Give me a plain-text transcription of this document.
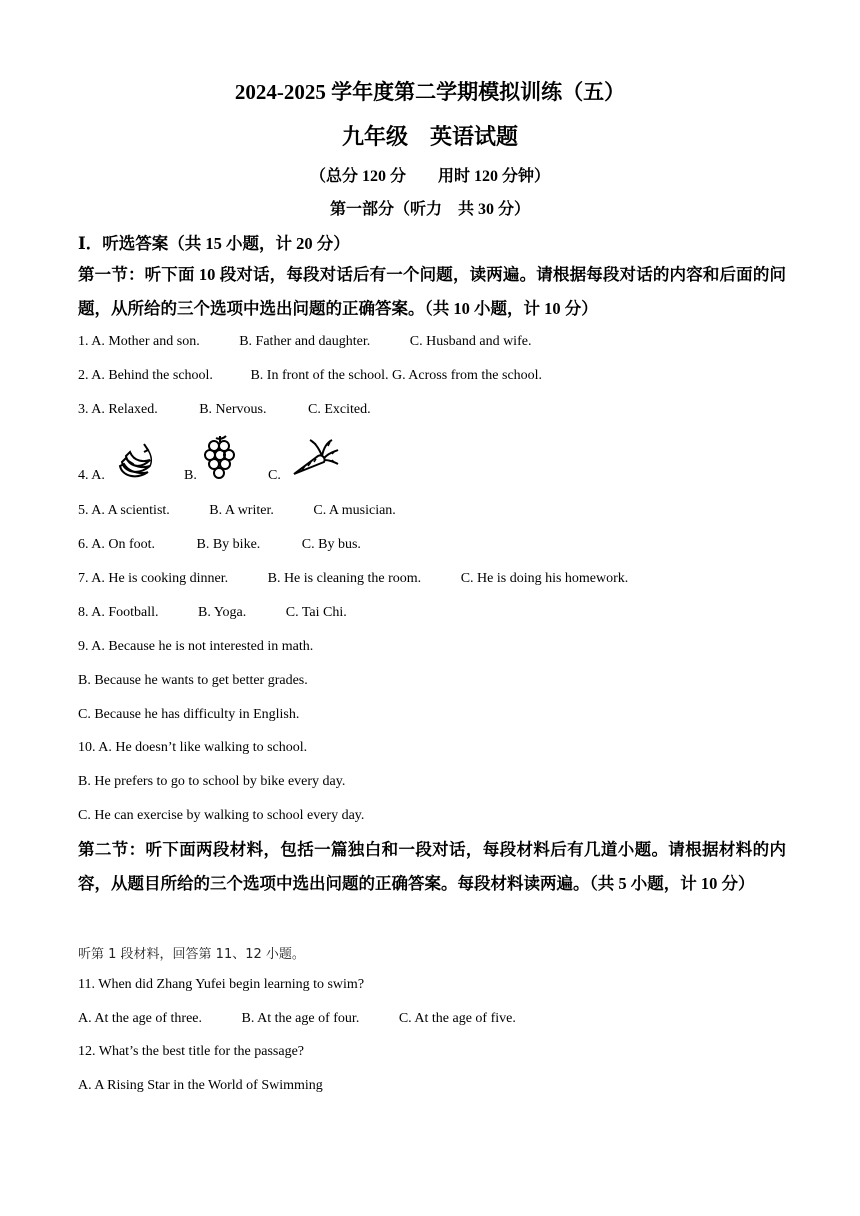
2024-2025 学年度第二学期模拟训练（五）
九年级　英语试题
（总分 120 分　　用时 120 分钟）
第一部分（听力　共 30 分）
Ⅰ．听选答案（共 15 小题，计 20 分）
第一节：听下面 10 段对话，每段对话后有一个问题，读两遍。请根据每段对话的内容和后面的问题，从所给的三个选项中选出问题的正确答案。（共 10 小题，计 10 分）
1. A. Mother and son.	B. Father and daughter.	C. Husband and wife.
2. A. Behind the school.	B. In front of the school. G. Across from the school.
3. A. Relaxed.	B. Nervous.	C. Excited.
4. A.	B.	C.
5. A. A scientist.	B. A writer.	C. A musician.
6. A. On foot.	B. By bike.	C. By bus.
7. A. He is cooking dinner.	B. He is cleaning the room.	C. He is doing his homework.
8. A. Football.	B. Yoga.	C. Tai Chi.
9. A. Because he is not interested in math.
B. Because he wants to get better grades.
C. Because he has difficulty in English.
10. A. He doesn’t like walking to school.
B. He prefers to go to school by bike every day.
C. He can exercise by walking to school every day.
第二节：听下面两段材料，包括一篇独白和一段对话，每段材料后有几道小题。请根据材料的内容，从题目所给的三个选项中选出问题的正确答案。每段材料读两遍。（共 5 小题，计 10 分）
听第 1 段材料，回答第 11、12 小题。
11. When did Zhang Yufei begin learning to swim?
A. At the age of three.	B. At the age of four.	C. At the age of five.
12. What’s the best title for the passage?
A. A Rising Star in the World of Swimming
